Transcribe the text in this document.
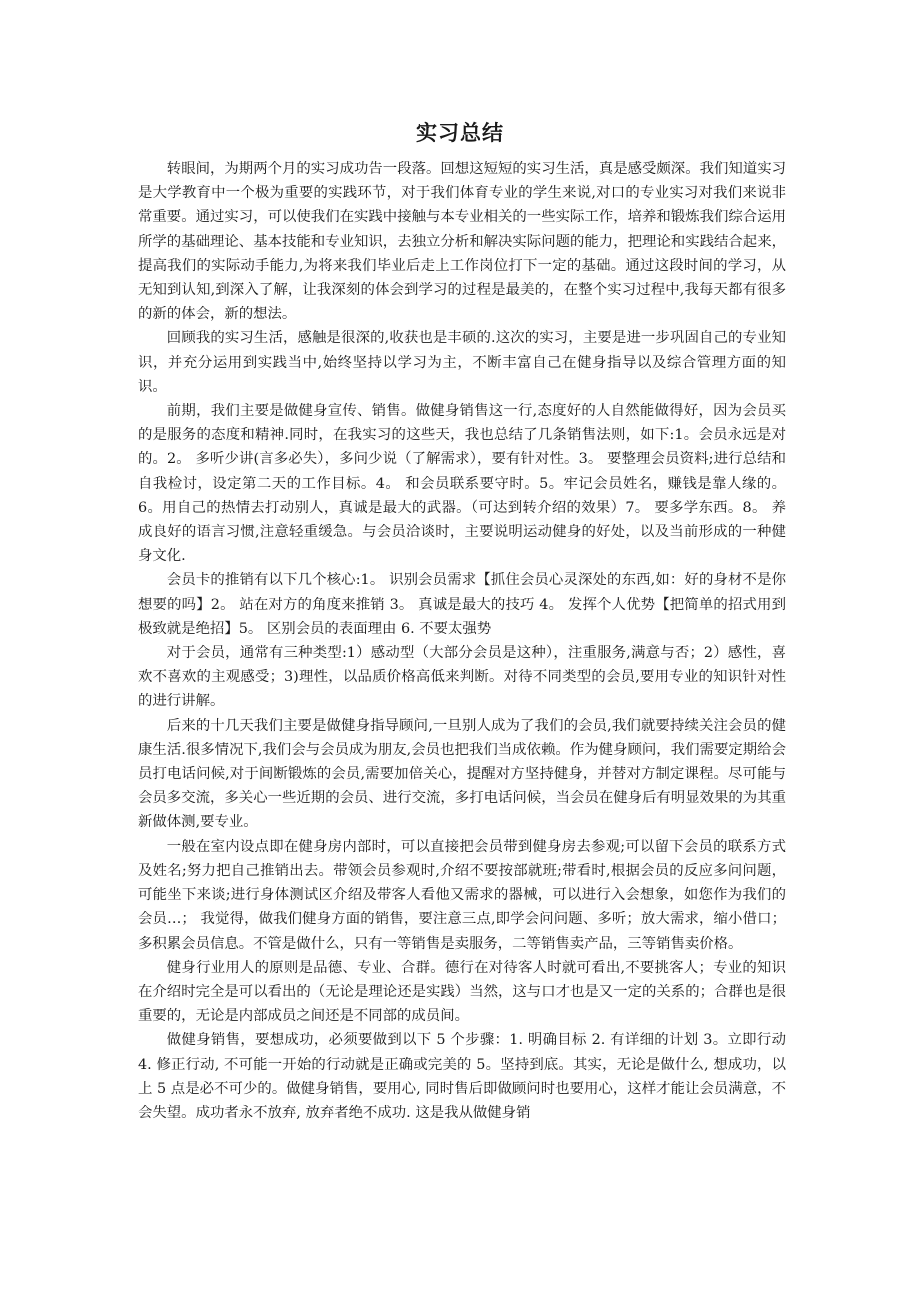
实习总结

转眼间，为期两个月的实习成功告一段落。回想这短短的实习生活，真是感受颇深。我们知道实习是大学教育中一个极为重要的实践环节，对于我们体育专业的学生来说,对口的专业实习对我们来说非常重要。通过实习，可以使我们在实践中接触与本专业相关的一些实际工作，培养和锻炼我们综合运用所学的基础理论、基本技能和专业知识，去独立分析和解决实际问题的能力，把理论和实践结合起来，提高我们的实际动手能力,为将来我们毕业后走上工作岗位打下一定的基础。通过这段时间的学习，从无知到认知,到深入了解，让我深刻的体会到学习的过程是最美的，在整个实习过程中,我每天都有很多的新的体会，新的想法。

回顾我的实习生活，感触是很深的,收获也是丰硕的.这次的实习，主要是进一步巩固自己的专业知识，并充分运用到实践当中,始终坚持以学习为主，不断丰富自己在健身指导以及综合管理方面的知识。

前期，我们主要是做健身宣传、销售。做健身销售这一行,态度好的人自然能做得好，因为会员买的是服务的态度和精神.同时，在我实习的这些天，我也总结了几条销售法则，如下:1。会员永远是对的。2。 多听少讲(言多必失），多问少说（了解需求），要有针对性。3。 要整理会员资料;进行总结和自我检讨，设定第二天的工作目标。4。 和会员联系要守时。5。牢记会员姓名，赚钱是靠人缘的。6。用自己的热情去打动别人，真诚是最大的武器。（可达到转介绍的效果）7。 要多学东西。8。 养成良好的语言习惯,注意轻重缓急。与会员洽谈时，主要说明运动健身的好处，以及当前形成的一种健身文化.

会员卡的推销有以下几个核心:1。 识别会员需求【抓住会员心灵深处的东西,如：好的身材不是你想要的吗】2。 站在对方的角度来推销 3。 真诚是最大的技巧 4。 发挥个人优势【把简单的招式用到极致就是绝招】5。 区别会员的表面理由 6. 不要太强势

对于会员，通常有三种类型:1）感动型（大部分会员是这种），注重服务,满意与否；2）感性，喜欢不喜欢的主观感受；3)理性，以品质价格高低来判断。对待不同类型的会员,要用专业的知识针对性的进行讲解。

后来的十几天我们主要是做健身指导顾问,一旦别人成为了我们的会员,我们就要持续关注会员的健康生活.很多情况下,我们会与会员成为朋友,会员也把我们当成依赖。作为健身顾问，我们需要定期给会员打电话问候,对于间断锻炼的会员,需要加倍关心，提醒对方坚持健身，并替对方制定课程。尽可能与会员多交流，多关心一些近期的会员、进行交流，多打电话问候，当会员在健身后有明显效果的为其重新做体测,要专业。

一般在室内设点即在健身房内部时，可以直接把会员带到健身房去参观;可以留下会员的联系方式及姓名;努力把自己推销出去。带领会员参观时,介绍不要按部就班;带看时,根据会员的反应多问问题，可能坐下来谈;进行身体测试区介绍及带客人看他又需求的器械，可以进行入会想象，如您作为我们的会员…； 我觉得，做我们健身方面的销售，要注意三点,即学会问问题、多听；放大需求，缩小借口；多积累会员信息。不管是做什么，只有一等销售是卖服务，二等销售卖产品，三等销售卖价格。

健身行业用人的原则是品德、专业、合群。德行在对待客人时就可看出,不要挑客人；专业的知识在介绍时完全是可以看出的（无论是理论还是实践）当然，这与口才也是又一定的关系的；合群也是很重要的，无论是内部成员之间还是不同部的成员间。

做健身销售，要想成功，必须要做到以下 5 个步骤：1. 明确目标 2. 有详细的计划 3。立即行动 4. 修正行动, 不可能一开始的行动就是正确或完美的 5。坚持到底。其实，无论是做什么, 想成功，以上 5 点是必不可少的。做健身销售，要用心, 同时售后即做顾问时也要用心，这样才能让会员满意，不会失望。成功者永不放弃, 放弃者绝不成功. 这是我从做健身销
